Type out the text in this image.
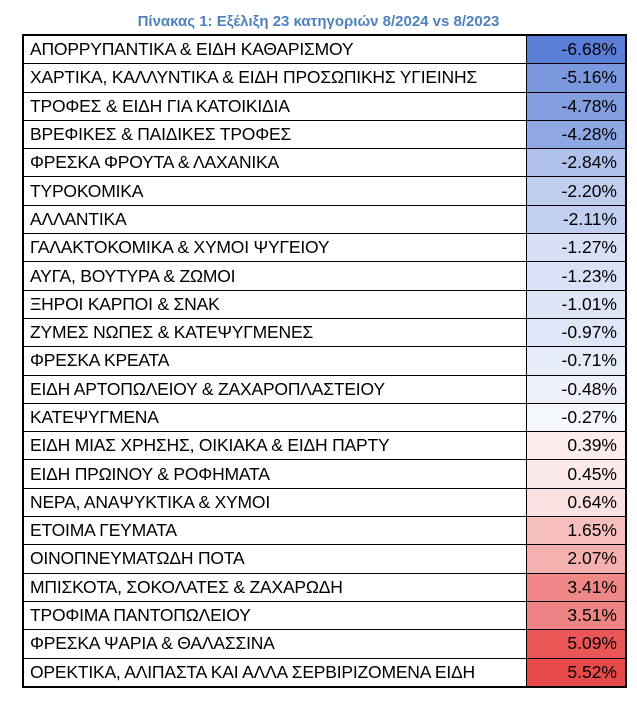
Πίνακας 1: Εξέλιξη 23 κατηγοριών 8/2024 vs 8/2023
ΑΠΟΡΡΥΠΑΝΤΙΚΑ & ΕΙΔΗ ΚΑΘΑΡΙΣΜΟΥ	-6.68%
ΧΑΡΤΙΚΑ, ΚΑΛΛΥΝΤΙΚΑ & ΕΙΔΗ ΠΡΟΣΩΠΙΚΗΣ ΥΓΙΕΙΝΗΣ	-5.16%
ΤΡΟΦΕΣ & ΕΙΔΗ ΓΙΑ ΚΑΤΟΙΚΙΔΙΑ	-4.78%
ΒΡΕΦΙΚΕΣ & ΠΑΙΔΙΚΕΣ ΤΡΟΦΕΣ	-4.28%
ΦΡΕΣΚΑ ΦΡΟΥΤΑ & ΛΑΧΑΝΙΚΑ	-2.84%
ΤΥΡΟΚΟΜΙΚΑ	-2.20%
ΑΛΛΑΝΤΙΚΑ	-2.11%
ΓΑΛΑΚΤΟΚΟΜΙΚΑ & ΧΥΜΟΙ ΨΥΓΕΙΟΥ	-1.27%
ΑΥΓΑ, ΒΟΥΤΥΡΑ & ΖΩΜΟΙ	-1.23%
ΞΗΡΟΙ ΚΑΡΠΟΙ & ΣΝΑΚ	-1.01%
ΖΥΜΕΣ ΝΩΠΕΣ & ΚΑΤΕΨΥΓΜΕΝΕΣ	-0.97%
ΦΡΕΣΚΑ ΚΡΕΑΤΑ	-0.71%
ΕΙΔΗ ΑΡΤΟΠΩΛΕΙΟΥ & ΖΑΧΑΡΟΠΛΑΣΤΕΙΟΥ	-0.48%
ΚΑΤΕΨΥΓΜΕΝΑ	-0.27%
ΕΙΔΗ ΜΙΑΣ ΧΡΗΣΗΣ, ΟΙΚΙΑΚΑ & ΕΙΔΗ ΠΑΡΤΥ	0.39%
ΕΙΔΗ ΠΡΩΙΝΟΥ & ΡΟΦΗΜΑΤΑ	0.45%
ΝΕΡΑ, ΑΝΑΨΥΚΤΙΚΑ & ΧΥΜΟΙ	0.64%
ΕΤΟΙΜΑ ΓΕΥΜΑΤΑ	1.65%
ΟΙΝΟΠΝΕΥΜΑΤΩΔΗ ΠΟΤΑ	2.07%
ΜΠΙΣΚΟΤΑ, ΣΟΚΟΛΑΤΕΣ & ΖΑΧΑΡΩΔΗ	3.41%
ΤΡΟΦΙΜΑ ΠΑΝΤΟΠΩΛΕΙΟΥ	3.51%
ΦΡΕΣΚΑ ΨΑΡΙΑ & ΘΑΛΑΣΣΙΝΑ	5.09%
ΟΡΕΚΤΙΚΑ, ΑΛΙΠΑΣΤΑ ΚΑΙ ΑΛΛΑ ΣΕΡΒΙΡΙΖΟΜΕΝΑ ΕΙΔΗ	5.52%
